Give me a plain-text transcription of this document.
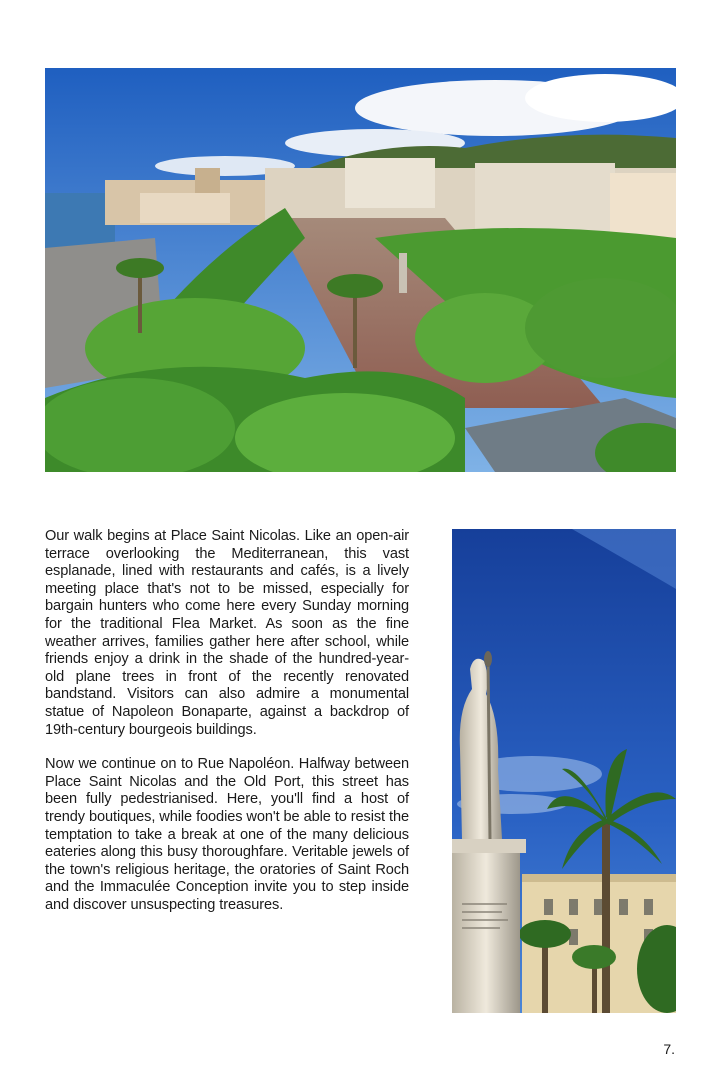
Our walk begins at Place Saint Nicolas. Like an open-air terrace overlooking the Mediterranean, this vast esplanade, lined with restaurants and cafés, is a lively meeting place that's not to be missed, especially for bargain hunters who come here every Sunday morning for the traditional Flea Market. As soon as the fine weather arrives, families gather here after school, while friends enjoy a drink in the shade of the hundred-year-old plane trees in front of the recently renovated bandstand. Visitors can also admire a monumental statue of Napoleon Bonaparte, against a backdrop of 19th-century bourgeois buildings.

Now we continue on to Rue Napoléon. Halfway between Place Saint Nicolas and the Old Port, this street has been fully pedestrianised. Here, you'll find a host of trendy boutiques, while foodies won't be able to resist the temptation to take a break at one of the many delicious eateries along this busy thoroughfare. Veritable jewels of the town's religious heritage, the oratories of Saint Roch and the Immaculée Conception invite you to step inside and discover unsuspecting treasures.

7.
